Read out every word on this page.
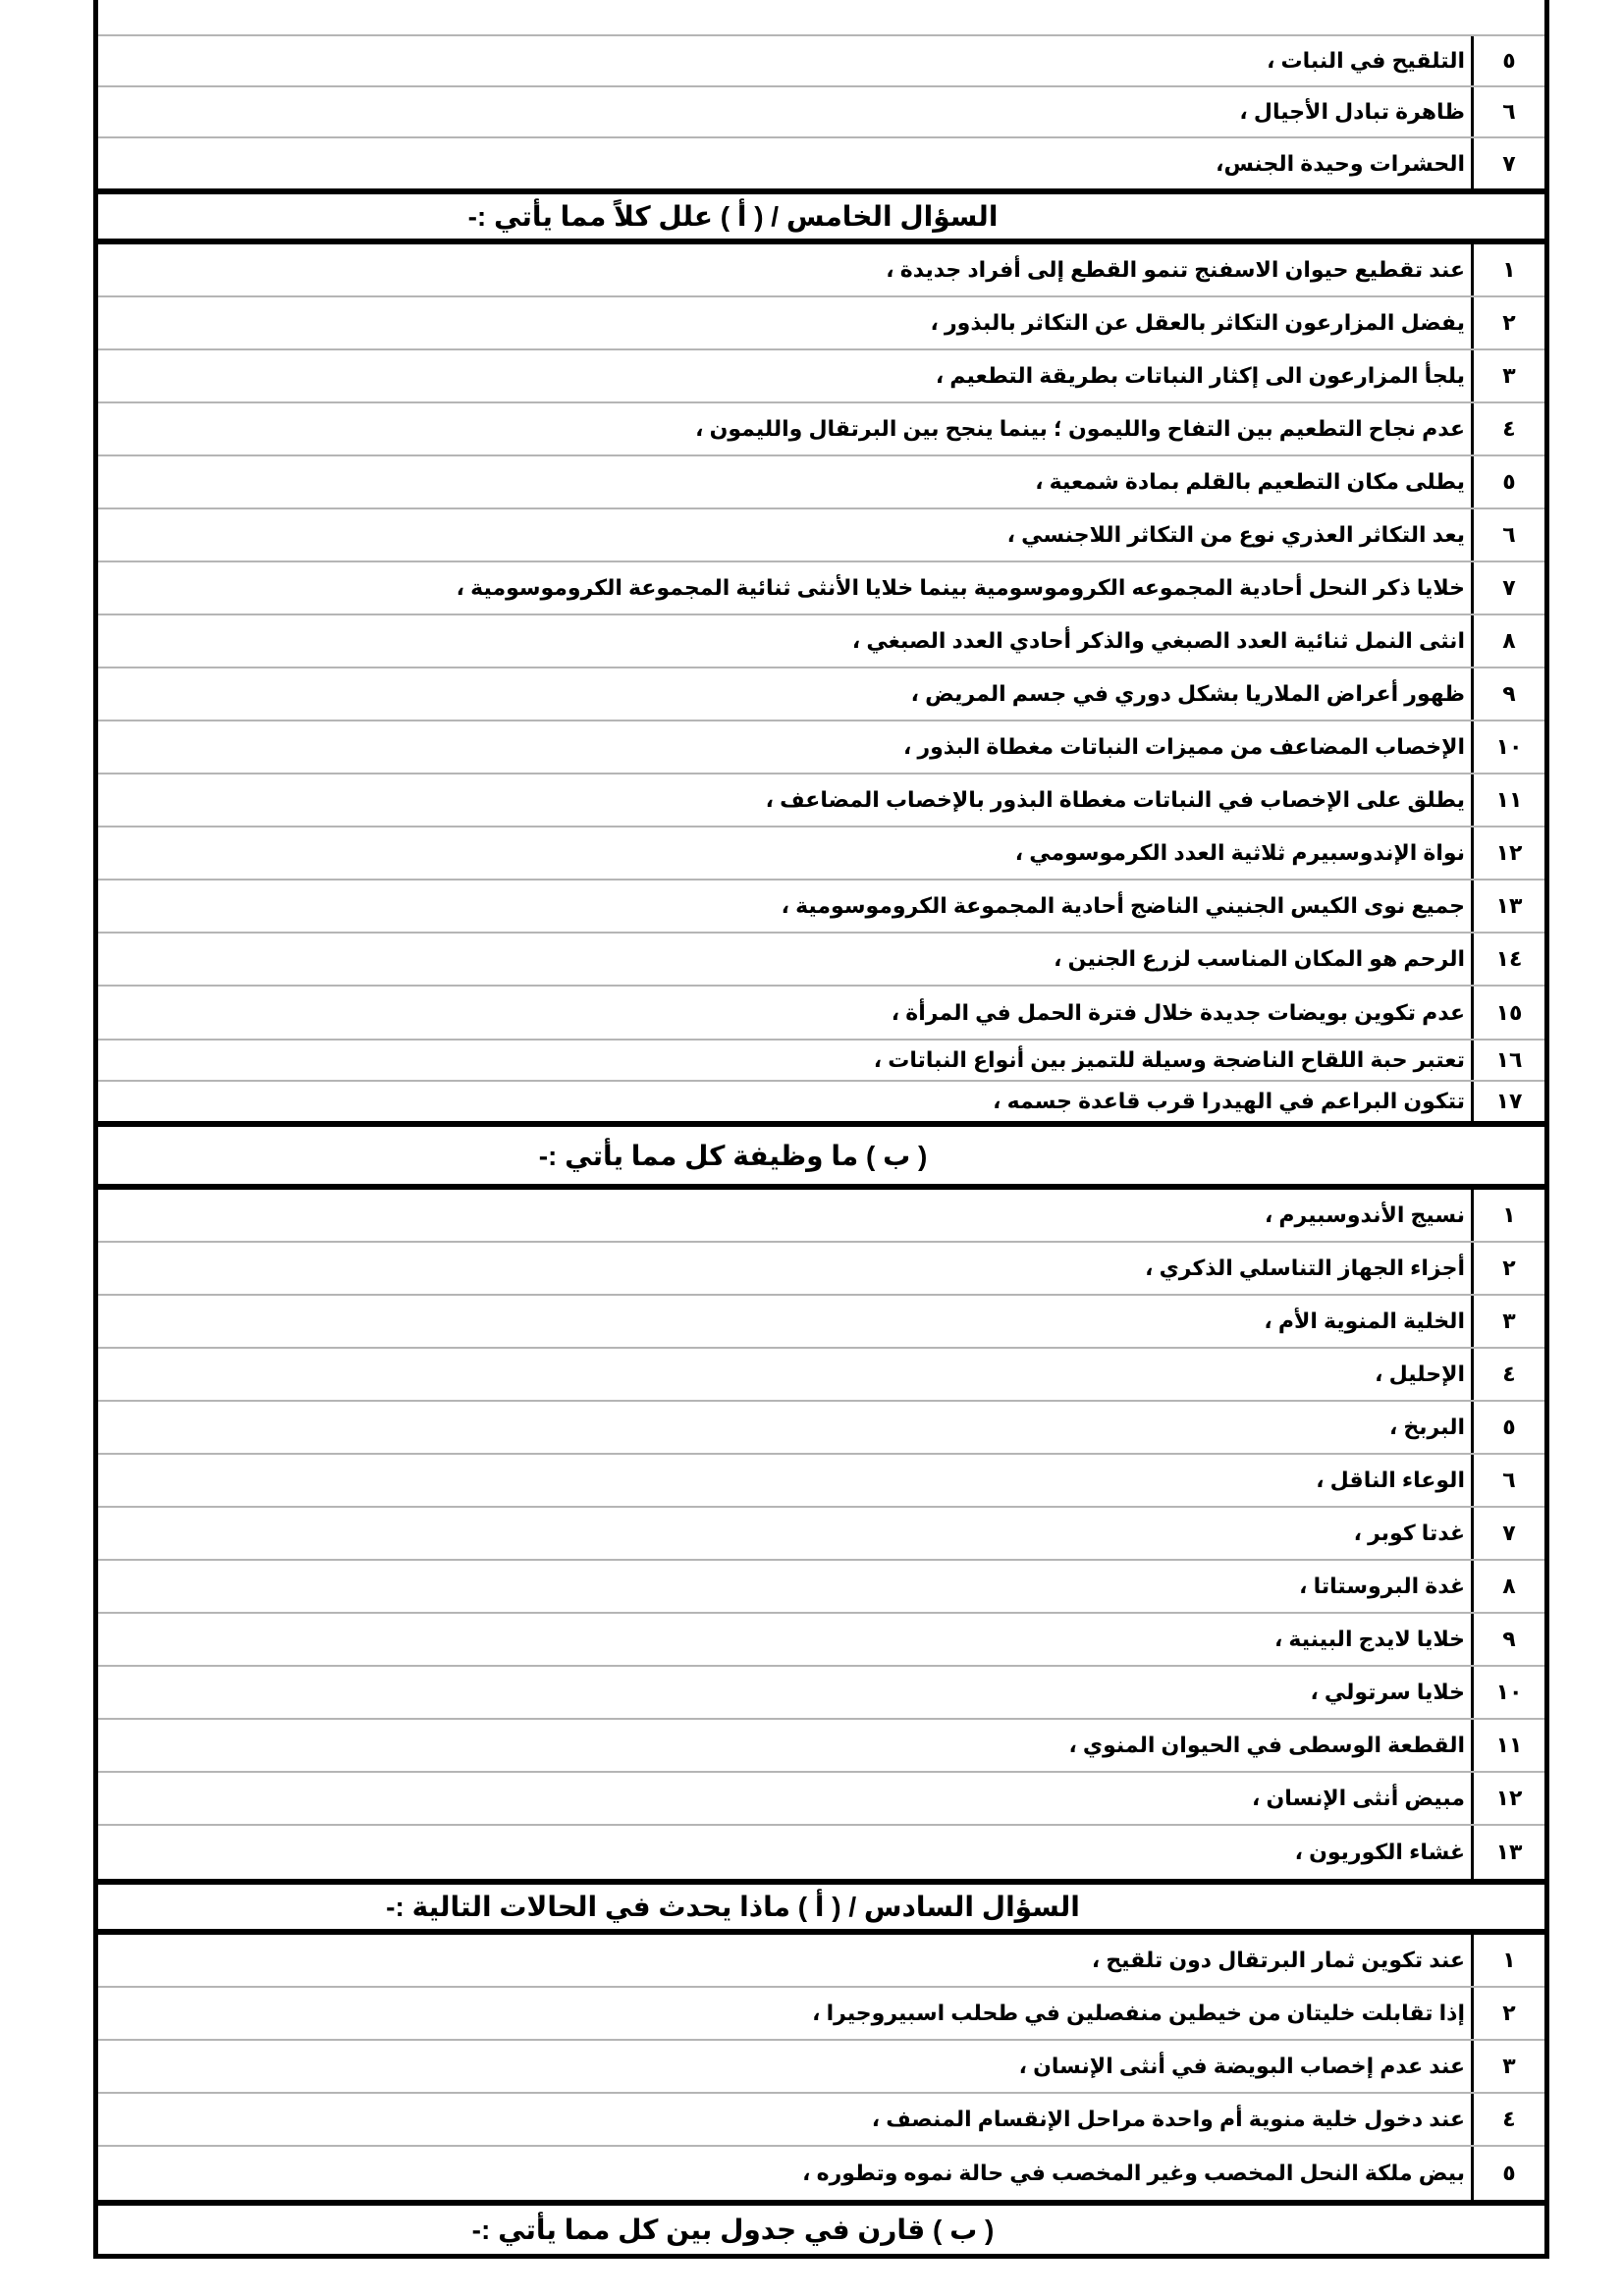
٥
التلقيح في النبات ،
٦
ظاهرة تبادل الأجيال ،
٧
الحشرات وحيدة الجنس،
السؤال الخامس / ( أ ) علل كلاً مما يأتي :-
١
عند تقطيع حيوان الاسفنج تنمو القطع إلى أفراد جديدة ،
٢
يفضل المزارعون التكاثر بالعقل عن التكاثر بالبذور ،
٣
يلجأ المزارعون الى إكثار النباتات بطريقة التطعيم ،
٤
عدم نجاح التطعيم بين التفاح والليمون ؛ بينما ينجح بين البرتقال والليمون ،
٥
يطلى مكان التطعيم بالقلم بمادة شمعية ،
٦
يعد التكاثر العذري نوع من التكاثر اللاجنسي ،
٧
خلايا ذكر النحل أحادية المجموعه الكروموسومية بينما خلايا الأنثى ثنائية المجموعة الكروموسومية ،
٨
انثى النمل ثنائية العدد الصبغي والذكر أحادي العدد الصبغي ،
٩
ظهور أعراض الملاريا بشكل دوري في جسم المريض ،
١٠
الإخصاب المضاعف من مميزات النباتات مغطاة البذور ،
١١
يطلق على الإخصاب في النباتات مغطاة البذور بالإخصاب المضاعف ،
١٢
نواة الإندوسبيرم ثلاثية العدد الكرموسومي ،
١٣
جميع نوى الكيس الجنيني الناضج أحادية المجموعة الكروموسومية ،
١٤
الرحم هو المكان المناسب لزرع الجنين ،
١٥
عدم تكوين بويضات جديدة خلال فترة الحمل في المرأة ،
١٦
تعتبر حبة اللقاح الناضجة وسيلة للتميز بين أنواع النباتات ،
١٧
تتكون البراعم في الهيدرا قرب قاعدة جسمه ،
( ب ) ما وظيفة كل مما يأتي :-
١
نسيج الأندوسبيرم ،
٢
أجزاء الجهاز التناسلي الذكري ،
٣
الخلية المنوية الأم ،
٤
الإحليل ،
٥
البربخ ،
٦
الوعاء الناقل ،
٧
غدتا كوبر ،
٨
غدة البروستاتا ،
٩
خلايا لايدج البينية ،
١٠
خلايا سرتولي ،
١١
القطعة الوسطى في الحيوان المنوي ،
١٢
مبيض أنثى الإنسان ،
١٣
غشاء الكوريون ،
السؤال السادس / ( أ ) ماذا يحدث في الحالات التالية :-
١
عند تكوين ثمار البرتقال دون تلقيح ،
٢
إذا تقابلت خليتان من خيطين منفصلين في طحلب اسبيروجيرا ،
٣
عند عدم إخصاب البويضة في أنثى الإنسان ،
٤
عند دخول خلية منوية أم واحدة مراحل الإنقسام المنصف ،
٥
بيض ملكة النحل المخصب وغير المخصب في حالة نموه وتطوره ،
( ب ) قارن في جدول بين كل مما يأتي :-
